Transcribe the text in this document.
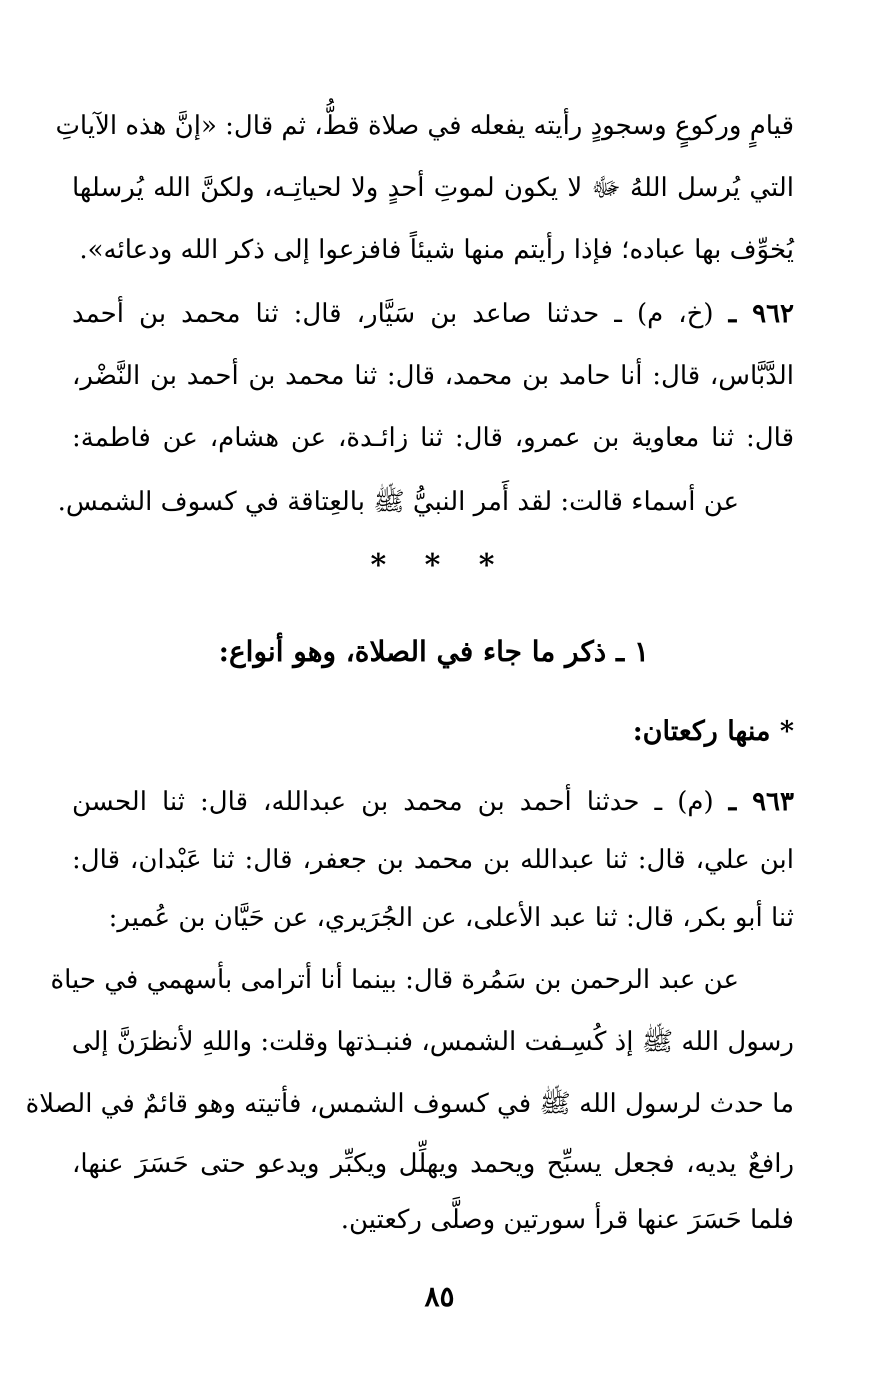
قيامٍ وركوعٍ وسجودٍ رأيته يفعله في صلاة قطُّ، ثم قال: «إنَّ هذه الآياتِ
التي يُرسل اللهُ ﷻ لا يكون لموتِ أحدٍ ولا لحياتِـه، ولكنَّ الله يُرسلها
يُخوِّف بها عباده؛ فإذا رأيتم منها شيئاً فافزعوا إلى ذكر الله ودعائه».
٩٦٢ ـ (خ، م) ـ حدثنا صاعد بن سَيَّار، قال: ثنا محمد بن أحمد
الدَّبَّاس، قال: أنا حامد بن محمد، قال: ثنا محمد بن أحمد بن النَّضْر،
قال: ثنا معاوية بن عمرو، قال: ثنا زائـدة، عن هشام، عن فاطمة:
عن أسماء قالت: لقد أَمر النبيُّ ﷺ بالعِتاقة في كسوف الشمس.
* * *
١ ـ ذكر ما جاء في الصلاة، وهو أنواع:
* منها ركعتان:
٩٦٣ ـ (م) ـ حدثنا أحمد بن محمد بن عبدالله، قال: ثنا الحسن
ابن علي، قال: ثنا عبدالله بن محمد بن جعفر، قال: ثنا عَبْدان، قال:
ثنا أبو بكر، قال: ثنا عبد الأعلى، عن الجُرَيري، عن حَيَّان بن عُمير:
عن عبد الرحمن بن سَمُرة قال: بينما أنا أترامى بأسهمي في حياة
رسول الله ﷺ إذ كُسِـفت الشمس، فنبـذتها وقلت: واللهِ لأنظرَنَّ إلى
ما حدث لرسول الله ﷺ في كسوف الشمس، فأتيته وهو قائمٌ في الصلاة
رافعٌ يديه، فجعل يسبِّح ويحمد ويهلِّل ويكبِّر ويدعو حتى حَسَرَ عنها،
فلما حَسَرَ عنها قرأ سورتين وصلَّى ركعتين.
٨٥
